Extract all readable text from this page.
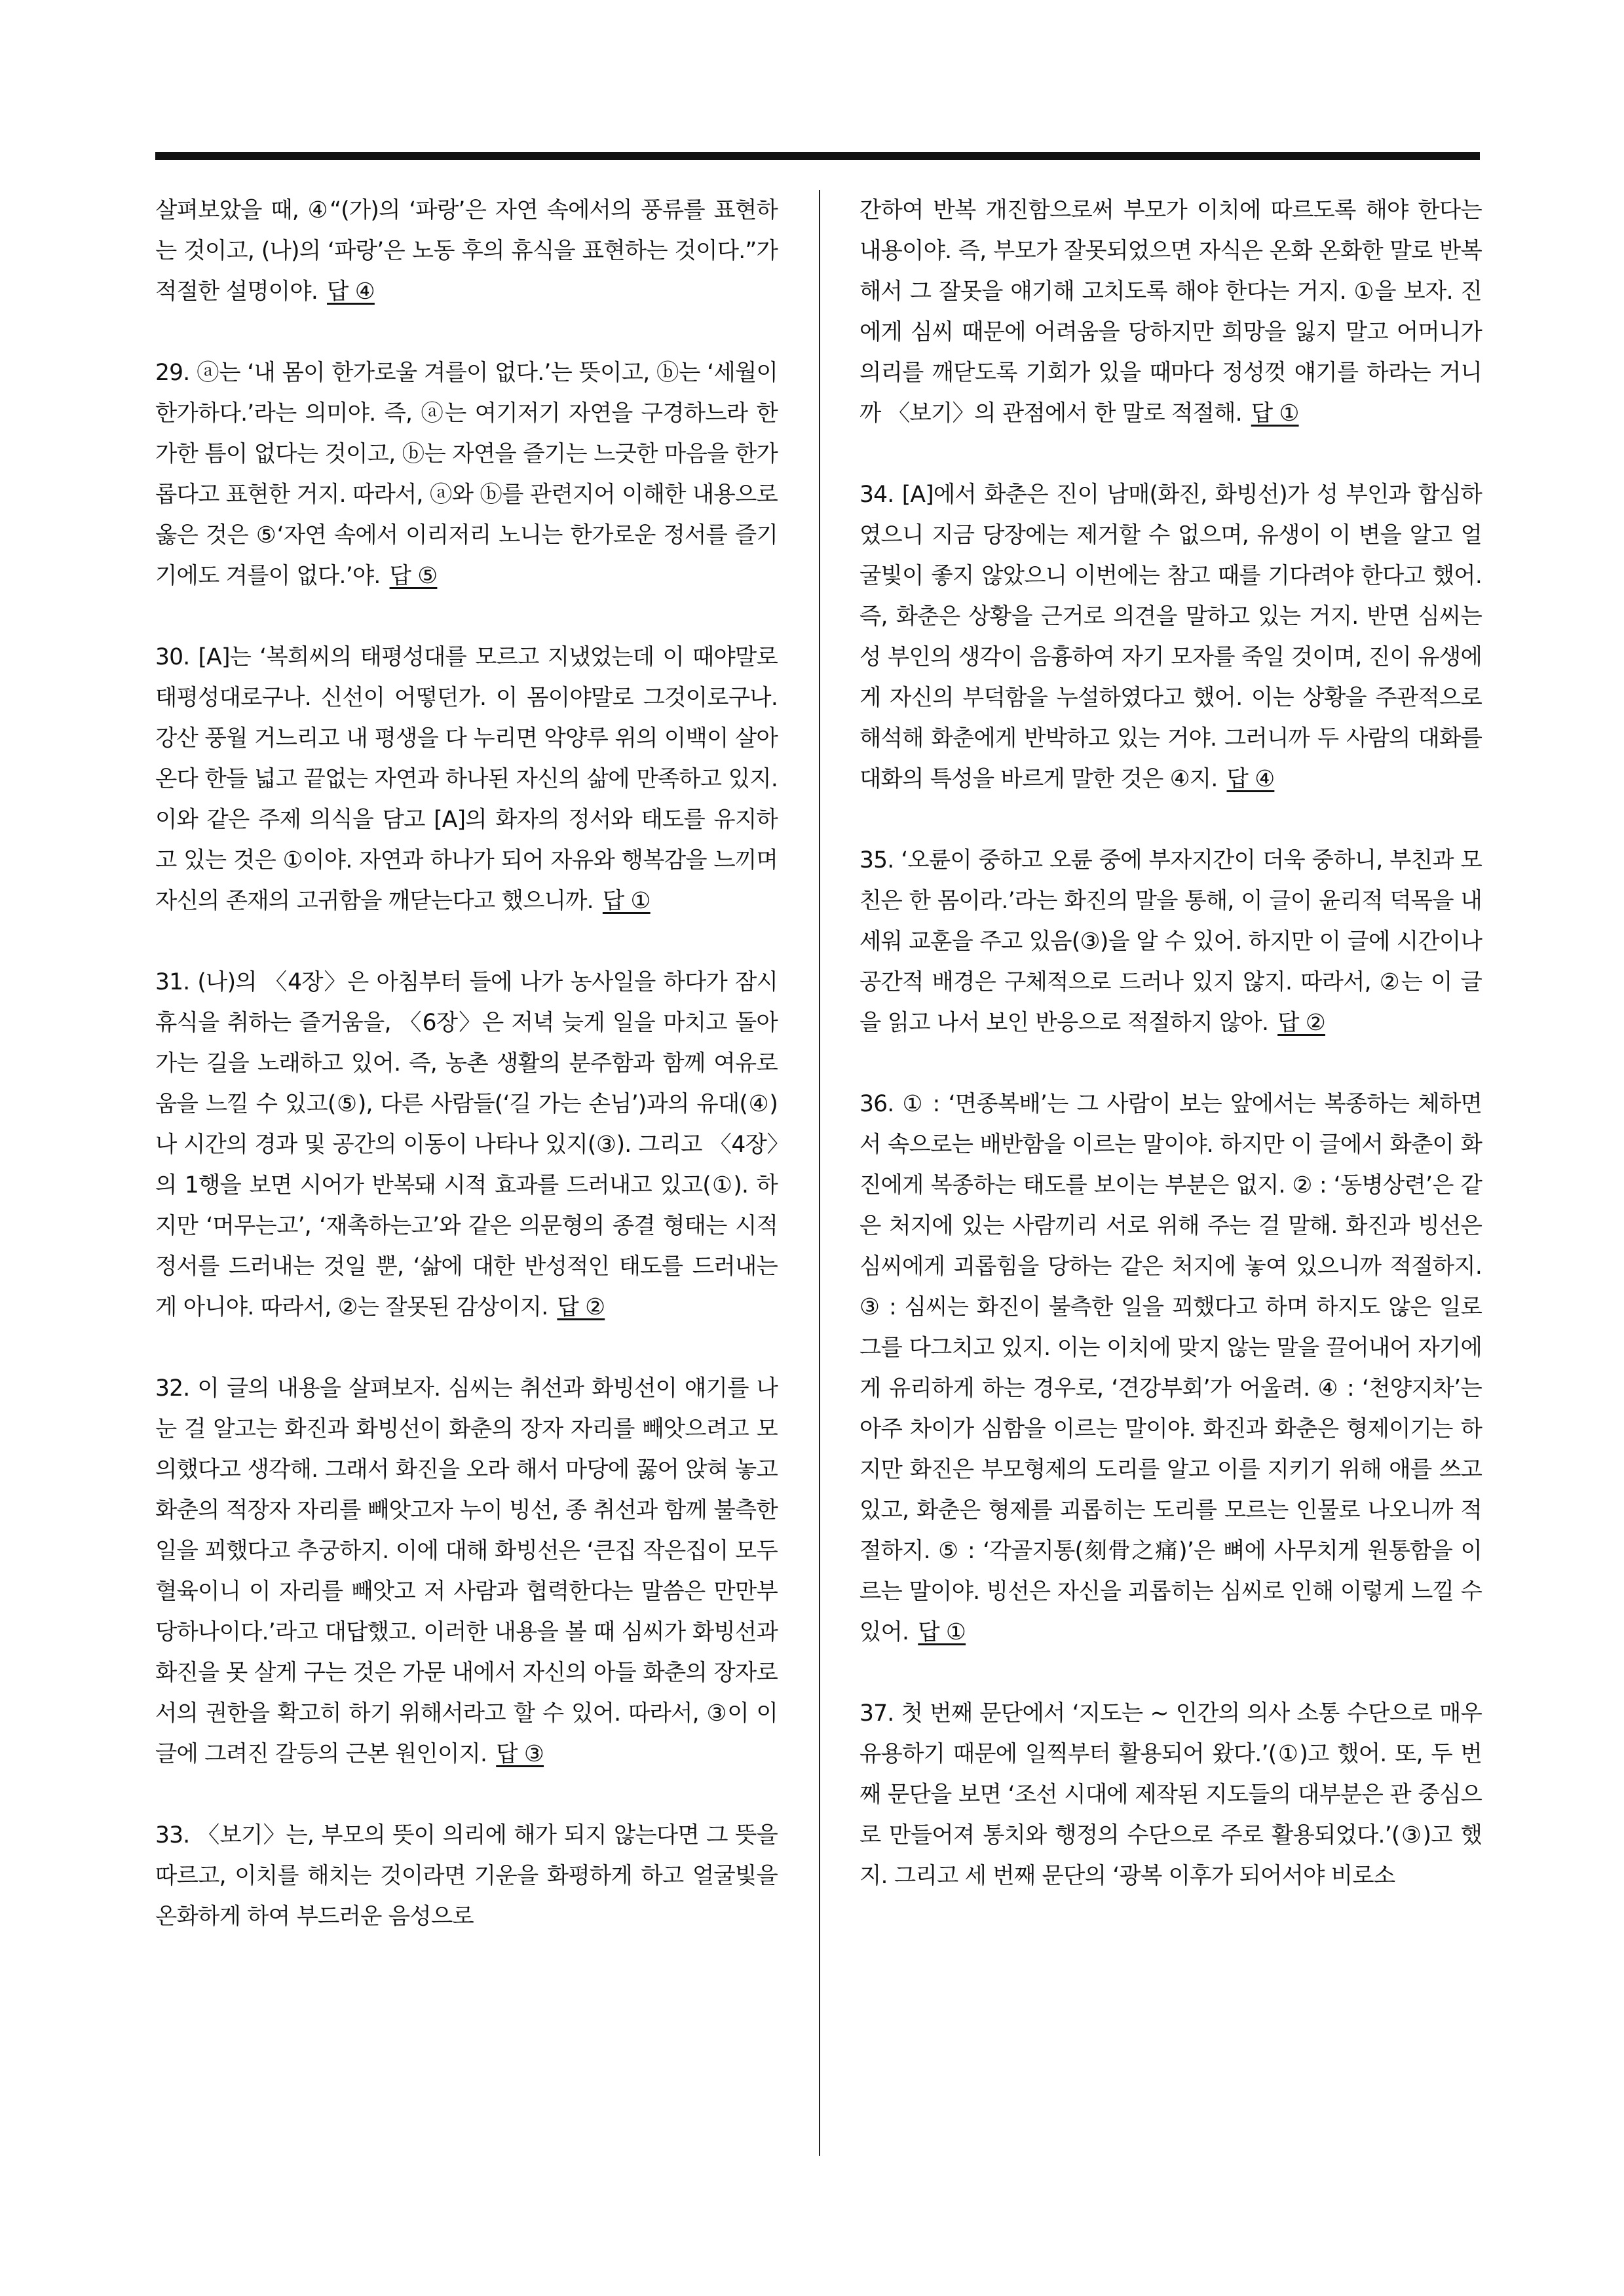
살펴보았을 때, ④“(가)의 ‘파랑’은 자연 속에서의 풍류를 표현하는 것이고, (나)의 ‘파랑’은 노동 후의 휴식을 표현하는 것이다.”가 적절한 설명이야. 답 ④

29. ⓐ는 ‘내 몸이 한가로울 겨를이 없다.’는 뜻이고, ⓑ는 ‘세월이 한가하다.’라는 의미야. 즉, ⓐ는 여기저기 자연을 구경하느라 한가한 틈이 없다는 것이고, ⓑ는 자연을 즐기는 느긋한 마음을 한가롭다고 표현한 거지. 따라서, ⓐ와 ⓑ를 관련지어 이해한 내용으로 옳은 것은 ⑤‘자연 속에서 이리저리 노니는 한가로운 정서를 즐기기에도 겨를이 없다.’야. 답 ⑤

30. [A]는 ‘복희씨의 태평성대를 모르고 지냈었는데 이 때야말로 태평성대로구나. 신선이 어떻던가. 이 몸이야말로 그것이로구나. 강산 풍월 거느리고 내 평생을 다 누리면 악양루 위의 이백이 살아 온다 한들 넓고 끝없는 자연과 하나된 자신의 삶에 만족하고 있지. 이와 같은 주제 의식을 담고 [A]의 화자의 정서와 태도를 유지하고 있는 것은 ①이야. 자연과 하나가 되어 자유와 행복감을 느끼며 자신의 존재의 고귀함을 깨닫는다고 했으니까. 답 ①

31. (나)의 〈4장〉은 아침부터 들에 나가 농사일을 하다가 잠시 휴식을 취하는 즐거움을, 〈6장〉은 저녁 늦게 일을 마치고 돌아가는 길을 노래하고 있어. 즉, 농촌 생활의 분주함과 함께 여유로움을 느낄 수 있고(⑤), 다른 사람들(‘길 가는 손님’)과의 유대(④)나 시간의 경과 및 공간의 이동이 나타나 있지(③). 그리고 〈4장〉의 1행을 보면 시어가 반복돼 시적 효과를 드러내고 있고(①). 하지만 ‘머무는고’, ‘재촉하는고’와 같은 의문형의 종결 형태는 시적 정서를 드러내는 것일 뿐, ‘삶에 대한 반성적인 태도를 드러내는 게 아니야. 따라서, ②는 잘못된 감상이지. 답 ②

32. 이 글의 내용을 살펴보자. 심씨는 취선과 화빙선이 얘기를 나눈 걸 알고는 화진과 화빙선이 화춘의 장자 자리를 빼앗으려고 모의했다고 생각해. 그래서 화진을 오라 해서 마당에 꿇어 앉혀 놓고 화춘의 적장자 자리를 빼앗고자 누이 빙선, 종 취선과 함께 불측한 일을 꾀했다고 추궁하지. 이에 대해 화빙선은 ‘큰집 작은집이 모두 혈육이니 이 자리를 빼앗고 저 사람과 협력한다는 말씀은 만만부당하나이다.’라고 대답했고. 이러한 내용을 볼 때 심씨가 화빙선과 화진을 못 살게 구는 것은 가문 내에서 자신의 아들 화춘의 장자로서의 권한을 확고히 하기 위해서라고 할 수 있어. 따라서, ③이 이 글에 그려진 갈등의 근본 원인이지. 답 ③

33. 〈보기〉는, 부모의 뜻이 의리에 해가 되지 않는다면 그 뜻을 따르고, 이치를 해치는 것이라면 기운을 화평하게 하고 얼굴빛을 온화하게 하여 부드러운 음성으로

간하여 반복 개진함으로써 부모가 이치에 따르도록 해야 한다는 내용이야. 즉, 부모가 잘못되었으면 자식은 온화 온화한 말로 반복해서 그 잘못을 얘기해 고치도록 해야 한다는 거지. ①을 보자. 진에게 심씨 때문에 어려움을 당하지만 희망을 잃지 말고 어머니가 의리를 깨닫도록 기회가 있을 때마다 정성껏 얘기를 하라는 거니까 〈보기〉의 관점에서 한 말로 적절해. 답 ①

34. [A]에서 화춘은 진이 남매(화진, 화빙선)가 성 부인과 합심하였으니 지금 당장에는 제거할 수 없으며, 유생이 이 변을 알고 얼굴빛이 좋지 않았으니 이번에는 참고 때를 기다려야 한다고 했어. 즉, 화춘은 상황을 근거로 의견을 말하고 있는 거지. 반면 심씨는 성 부인의 생각이 음흉하여 자기 모자를 죽일 것이며, 진이 유생에게 자신의 부덕함을 누설하였다고 했어. 이는 상황을 주관적으로 해석해 화춘에게 반박하고 있는 거야. 그러니까 두 사람의 대화를 대화의 특성을 바르게 말한 것은 ④지. 답 ④

35. ‘오륜이 중하고 오륜 중에 부자지간이 더욱 중하니, 부친과 모친은 한 몸이라.’라는 화진의 말을 통해, 이 글이 윤리적 덕목을 내세워 교훈을 주고 있음(③)을 알 수 있어. 하지만 이 글에 시간이나 공간적 배경은 구체적으로 드러나 있지 않지. 따라서, ②는 이 글을 읽고 나서 보인 반응으로 적절하지 않아. 답 ②

36. ① : ‘면종복배’는 그 사람이 보는 앞에서는 복종하는 체하면서 속으로는 배반함을 이르는 말이야. 하지만 이 글에서 화춘이 화진에게 복종하는 태도를 보이는 부분은 없지. ② : ‘동병상련’은 같은 처지에 있는 사람끼리 서로 위해 주는 걸 말해. 화진과 빙선은 심씨에게 괴롭힘을 당하는 같은 처지에 놓여 있으니까 적절하지. ③ : 심씨는 화진이 불측한 일을 꾀했다고 하며 하지도 않은 일로 그를 다그치고 있지. 이는 이치에 맞지 않는 말을 끌어내어 자기에게 유리하게 하는 경우로, ‘견강부회’가 어울려. ④ : ‘천양지차’는 아주 차이가 심함을 이르는 말이야. 화진과 화춘은 형제이기는 하지만 화진은 부모형제의 도리를 알고 이를 지키기 위해 애를 쓰고 있고, 화춘은 형제를 괴롭히는 도리를 모르는 인물로 나오니까 적절하지. ⑤ : ‘각골지통(刻骨之痛)’은 뼈에 사무치게 원통함을 이르는 말이야. 빙선은 자신을 괴롭히는 심씨로 인해 이렇게 느낄 수 있어. 답 ①

37. 첫 번째 문단에서 ‘지도는 ∼ 인간의 의사 소통 수단으로 매우 유용하기 때문에 일찍부터 활용되어 왔다.’(①)고 했어. 또, 두 번째 문단을 보면 ‘조선 시대에 제작된 지도들의 대부분은 관 중심으로 만들어져 통치와 행정의 수단으로 주로 활용되었다.’(③)고 했지. 그리고 세 번째 문단의 ‘광복 이후가 되어서야 비로소
